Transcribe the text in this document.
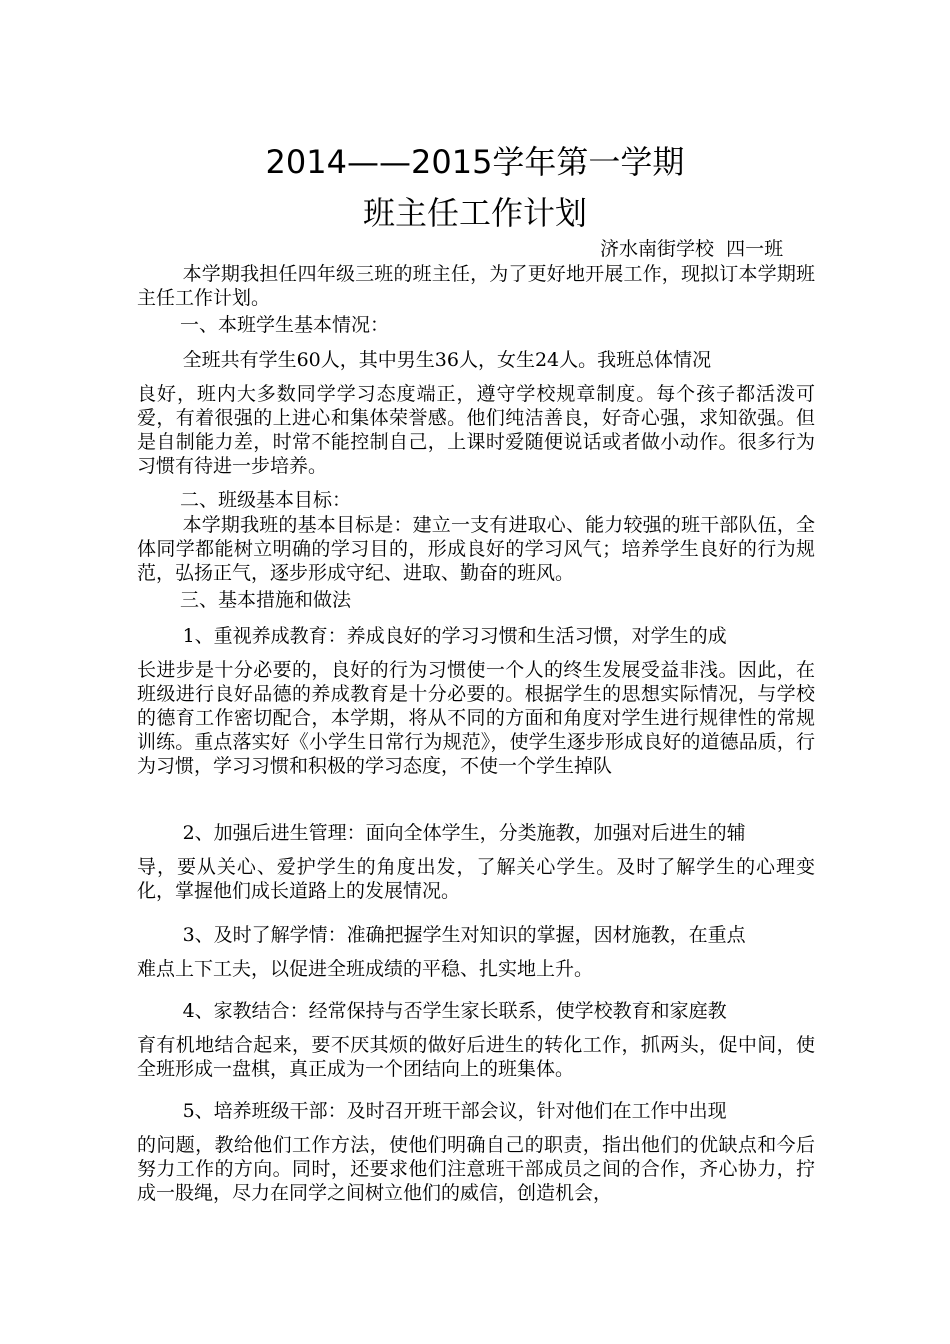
2014——2015学年第一学期
班主任工作计划
济水南街学校  四一班
本学期我担任四年级三班的班主任，为了更好地开展工作，现拟订本学期班主任工作计划。
一、本班学生基本情况：
全班共有学生60人，其中男生36人，女生24人。我班总体情况
良好，班内大多数同学学习态度端正，遵守学校规章制度。每个孩子都活泼可爱，有着很强的上进心和集体荣誉感。他们纯洁善良，好奇心强，求知欲强。但是自制能力差，时常不能控制自己，上课时爱随便说话或者做小动作。很多行为习惯有待进一步培养。
二、班级基本目标：
本学期我班的基本目标是：建立一支有进取心、能力较强的班干部队伍，全体同学都能树立明确的学习目的，形成良好的学习风气；培养学生良好的行为规范，弘扬正气，逐步形成守纪、进取、勤奋的班风。
三、基本措施和做法
1、重视养成教育：养成良好的学习习惯和生活习惯，对学生的成
长进步是十分必要的，良好的行为习惯使一个人的终生发展受益非浅。因此，在班级进行良好品德的养成教育是十分必要的。根据学生的思想实际情况，与学校的德育工作密切配合，本学期，将从不同的方面和角度对学生进行规律性的常规训练。重点落实好《小学生日常行为规范》，使学生逐步形成良好的道德品质，行为习惯，学习习惯和积极的学习态度，不使一个学生掉队
2、加强后进生管理：面向全体学生，分类施教，加强对后进生的辅
导，要从关心、爱护学生的角度出发，了解关心学生。及时了解学生的心理变化，掌握他们成长道路上的发展情况。
3、及时了解学情：准确把握学生对知识的掌握，因材施教，在重点
难点上下工夫，以促进全班成绩的平稳、扎实地上升。
4、家教结合：经常保持与否学生家长联系，使学校教育和家庭教
育有机地结合起来，要不厌其烦的做好后进生的转化工作，抓两头，促中间，使全班形成一盘棋，真正成为一个团结向上的班集体。
5、培养班级干部：及时召开班干部会议，针对他们在工作中出现
的问题，教给他们工作方法，使他们明确自己的职责，指出他们的优缺点和今后努力工作的方向。同时，还要求他们注意班干部成员之间的合作，齐心协力，拧成一股绳，尽力在同学之间树立他们的威信，创造机会，
